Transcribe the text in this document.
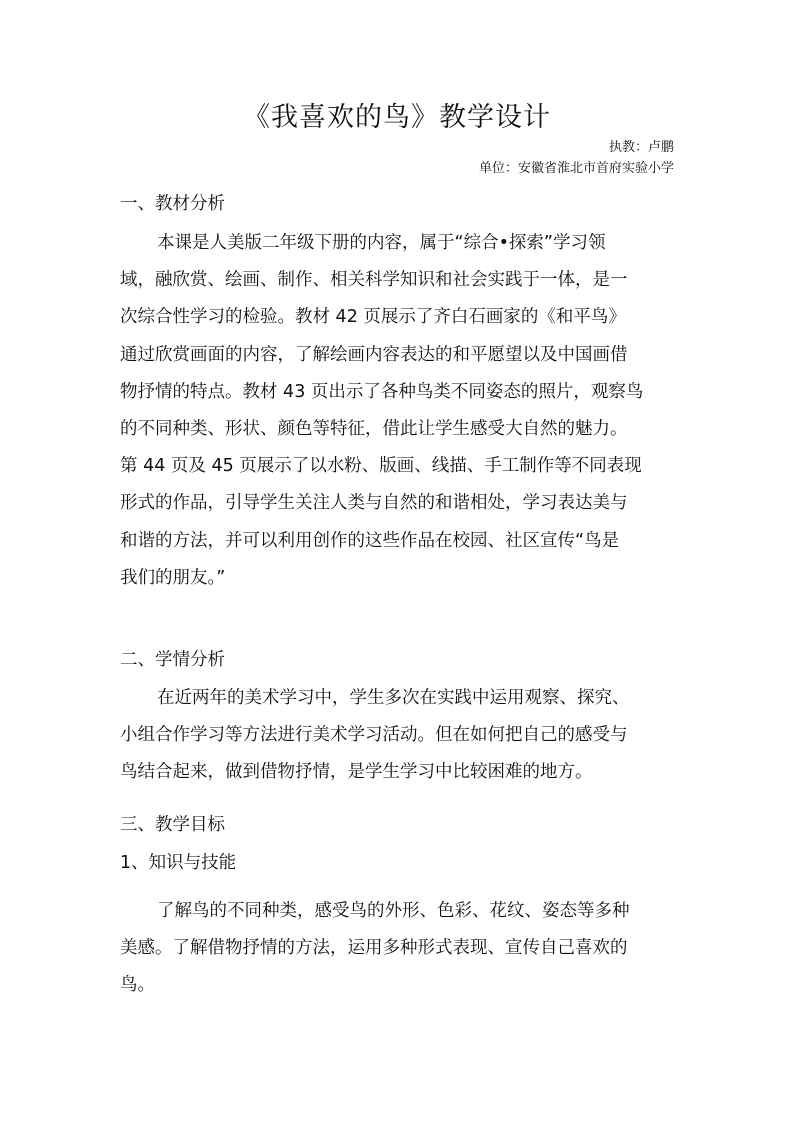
《我喜欢的鸟》教学设计
执教：卢鹏
单位：安徽省淮北市首府实验小学
一、教材分析
本课是人美版二年级下册的内容，属于“综合•探索”学习领
域，融欣赏、绘画、制作、相关科学知识和社会实践于一体，是一
次综合性学习的检验。教材 42 页展示了齐白石画家的《和平鸟》
通过欣赏画面的内容，了解绘画内容表达的和平愿望以及中国画借
物抒情的特点。教材 43 页出示了各种鸟类不同姿态的照片，观察鸟
的不同种类、形状、颜色等特征，借此让学生感受大自然的魅力。
第 44 页及 45 页展示了以水粉、版画、线描、手工制作等不同表现
形式的作品，引导学生关注人类与自然的和谐相处，学习表达美与
和谐的方法，并可以利用创作的这些作品在校园、社区宣传“鸟是
我们的朋友。”
二、学情分析
在近两年的美术学习中，学生多次在实践中运用观察、探究、
小组合作学习等方法进行美术学习活动。但在如何把自己的感受与
鸟结合起来，做到借物抒情，是学生学习中比较困难的地方。
三、教学目标
1、知识与技能
了解鸟的不同种类，感受鸟的外形、色彩、花纹、姿态等多种
美感。了解借物抒情的方法，运用多种形式表现、宣传自己喜欢的
鸟。
